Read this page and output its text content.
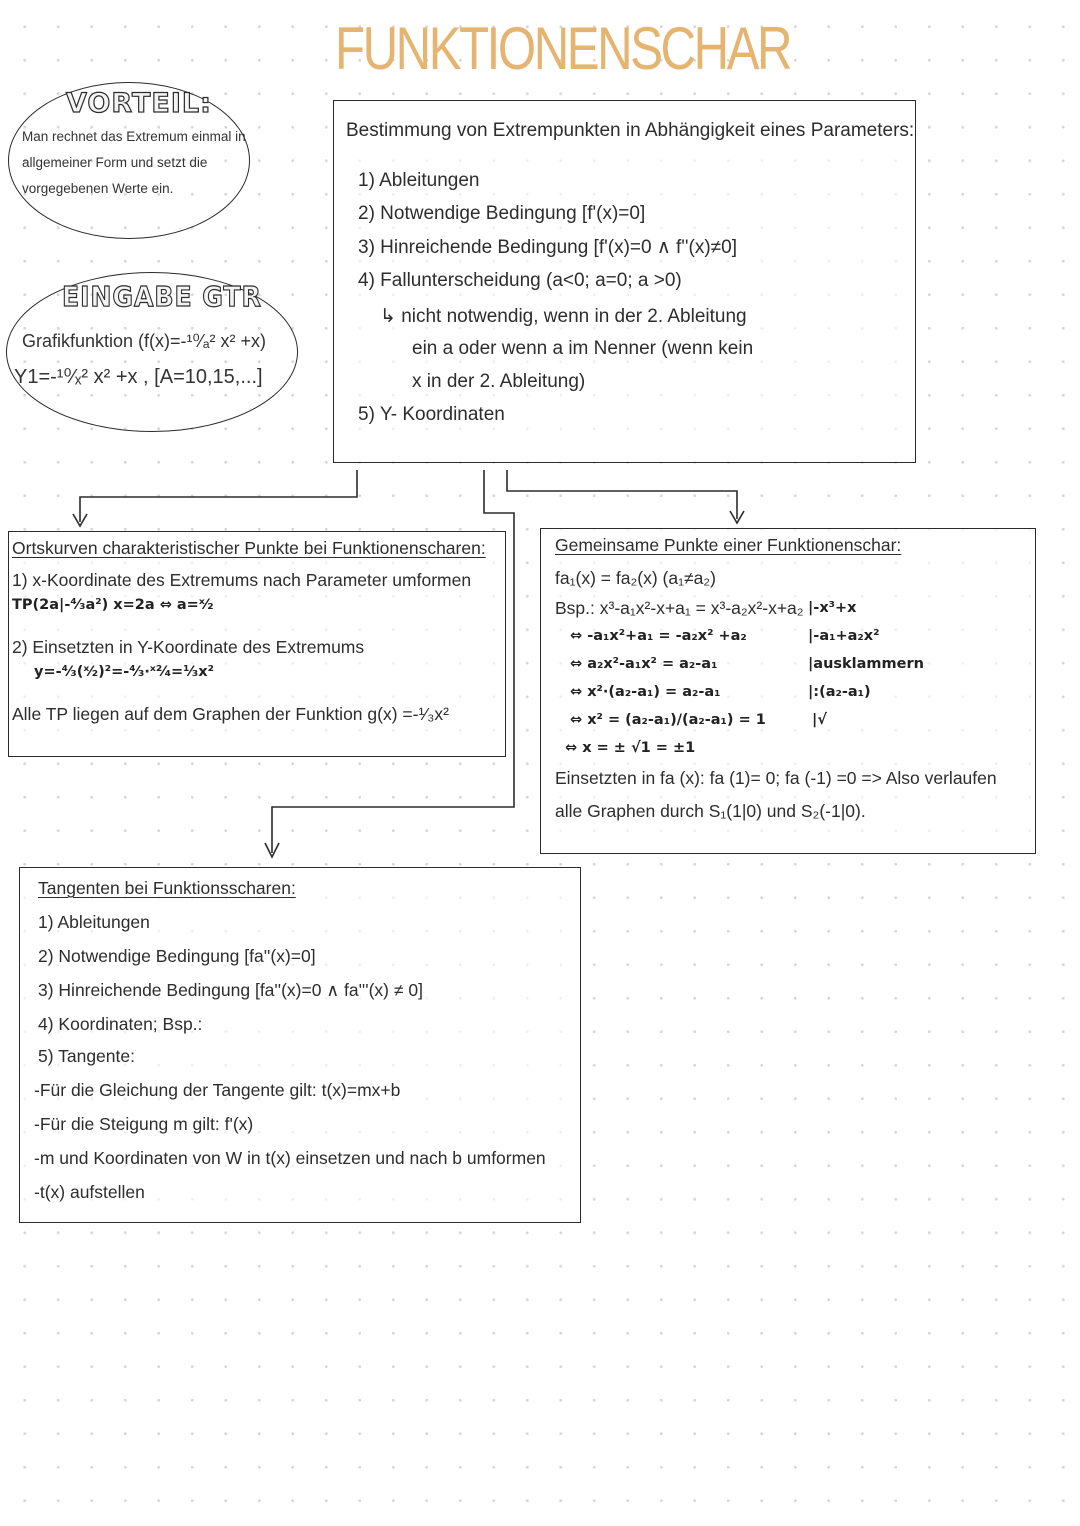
FUNKTIONENSCHAR
VORTEIL:
Man rechnet das Extremum einmal in
allgemeiner Form und setzt die
vorgegebenen Werte ein.
EINGABE GTR
Grafikfunktion (f(x)=-¹⁰⁄ₐ² x² +x)
Y1=-¹⁰⁄ₓ² x² +x , [A=10,15,...]
Bestimmung von Extrempunkten in Abhängigkeit eines Parameters:
1) Ableitungen
2) Notwendige Bedingung [f'(x)=0]
3) Hinreichende Bedingung [f'(x)=0 ∧ f''(x)≠0]
4) Fallunterscheidung (a<0; a=0; a >0)
↳ nicht notwendig, wenn in der 2. Ableitung
ein a oder wenn a im Nenner (wenn kein
x in der 2. Ableitung)
5) Y- Koordinaten
Ortskurven charakteristischer Punkte bei Funktionenscharen:
1) x-Koordinate des Extremums nach Parameter umformen
TP(2a|-⁴⁄₃a²) x=2a ⇔ a=ˣ⁄₂
2) Einsetzten in Y-Koordinate des Extremums
y=-⁴⁄₃(ˣ⁄₂)²=-⁴⁄₃·ˣ²⁄₄=¹⁄₃x²
Alle TP liegen auf dem Graphen der Funktion g(x) =-¹⁄₃x²
Gemeinsame Punkte einer Funktionenschar:
fa₁(x) = fa₂(x) (a₁≠a₂)
Bsp.: x³-a₁x²-x+a₁ = x³-a₂x²-x+a₂ |-x³+x
⇔ -a₁x²+a₁ = -a₂x² +a₂	|-a₁+a₂x²
⇔ a₂x²-a₁x² = a₂-a₁	|ausklammern
⇔ x²·(a₂-a₁) = a₂-a₁	|:(a₂-a₁)
⇔ x² = (a₂-a₁)/(a₂-a₁) = 1	|√
⇔ x = ± √1 = ±1
Einsetzten in fa (x): fa (1)= 0; fa (-1) =0 => Also verlaufen
alle Graphen durch S₁(1|0) und S₂(-1|0).
Tangenten bei Funktionsscharen:
1) Ableitungen
2) Notwendige Bedingung [fa''(x)=0]
3) Hinreichende Bedingung [fa''(x)=0 ∧ fa'''(x) ≠ 0]
4) Koordinaten; Bsp.:
5) Tangente:
-Für die Gleichung der Tangente gilt: t(x)=mx+b
-Für die Steigung m gilt: f'(x)
-m und Koordinaten von W in t(x) einsetzen und nach b umformen
-t(x) aufstellen
